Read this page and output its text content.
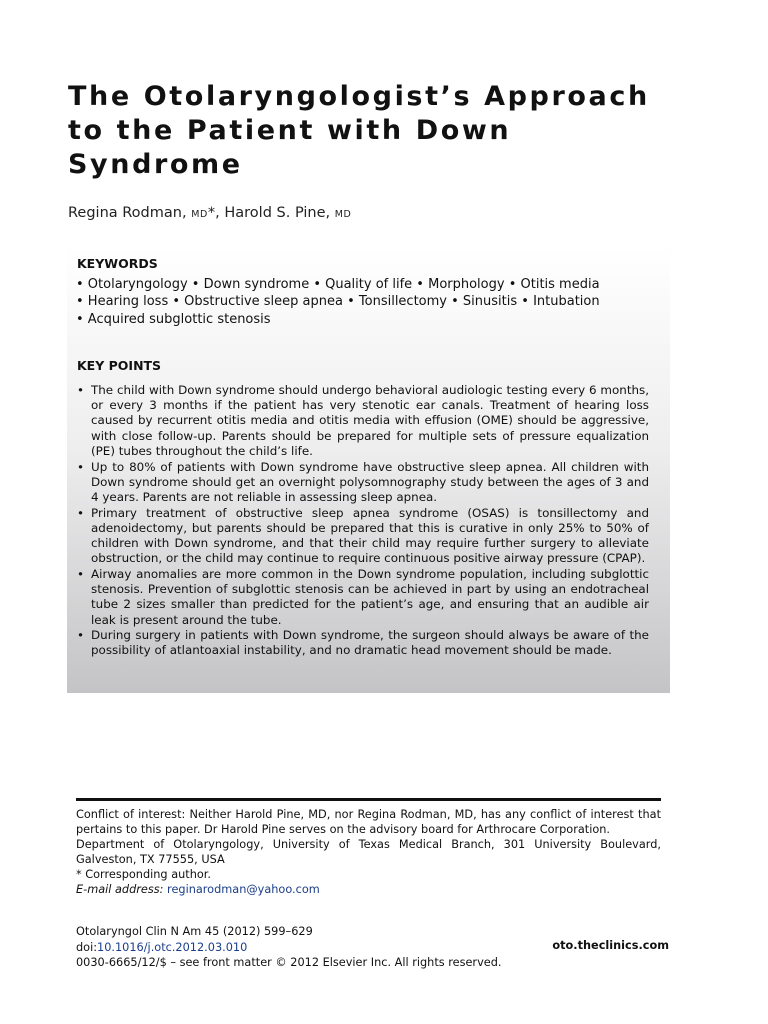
The Otolaryngologist’s Approach
to the Patient with Down
Syndrome
Regina Rodman, MD*, Harold S. Pine, MD
KEYWORDS
• Otolaryngology • Down syndrome • Quality of life • Morphology • Otitis media
• Hearing loss • Obstructive sleep apnea • Tonsillectomy • Sinusitis • Intubation
• Acquired subglottic stenosis
KEY POINTS
• The child with Down syndrome should undergo behavioral audiologic testing every 6 months, or every 3 months if the patient has very stenotic ear canals. Treatment of hearing loss caused by recurrent otitis media and otitis media with effusion (OME) should be aggressive, with close follow-up. Parents should be prepared for multiple sets of pressure equalization (PE) tubes throughout the child’s life.
• Up to 80% of patients with Down syndrome have obstructive sleep apnea. All children with Down syndrome should get an overnight polysomnography study between the ages of 3 and 4 years. Parents are not reliable in assessing sleep apnea.
• Primary treatment of obstructive sleep apnea syndrome (OSAS) is tonsillectomy and adenoidectomy, but parents should be prepared that this is curative in only 25% to 50% of children with Down syndrome, and that their child may require further surgery to alleviate obstruction, or the child may continue to require continuous positive airway pressure (CPAP).
• Airway anomalies are more common in the Down syndrome population, including subglottic stenosis. Prevention of subglottic stenosis can be achieved in part by using an endotracheal tube 2 sizes smaller than predicted for the patient’s age, and ensuring that an audible air leak is present around the tube.
• During surgery in patients with Down syndrome, the surgeon should always be aware of the possibility of atlantoaxial instability, and no dramatic head movement should be made.

Conflict of interest: Neither Harold Pine, MD, nor Regina Rodman, MD, has any conflict of interest that pertains to this paper. Dr Harold Pine serves on the advisory board for Arthrocare Corporation.

Department of Otolaryngology, University of Texas Medical Branch, 301 University Boulevard, Galveston, TX 77555, USA

* Corresponding author.

E-mail address: reginarodman@yahoo.com

Otolaryngol Clin N Am 45 (2012) 599–629
doi:10.1016/j.otc.2012.03.010
0030-6665/12/$ – see front matter © 2012 Elsevier Inc. All rights reserved.
oto.theclinics.com
